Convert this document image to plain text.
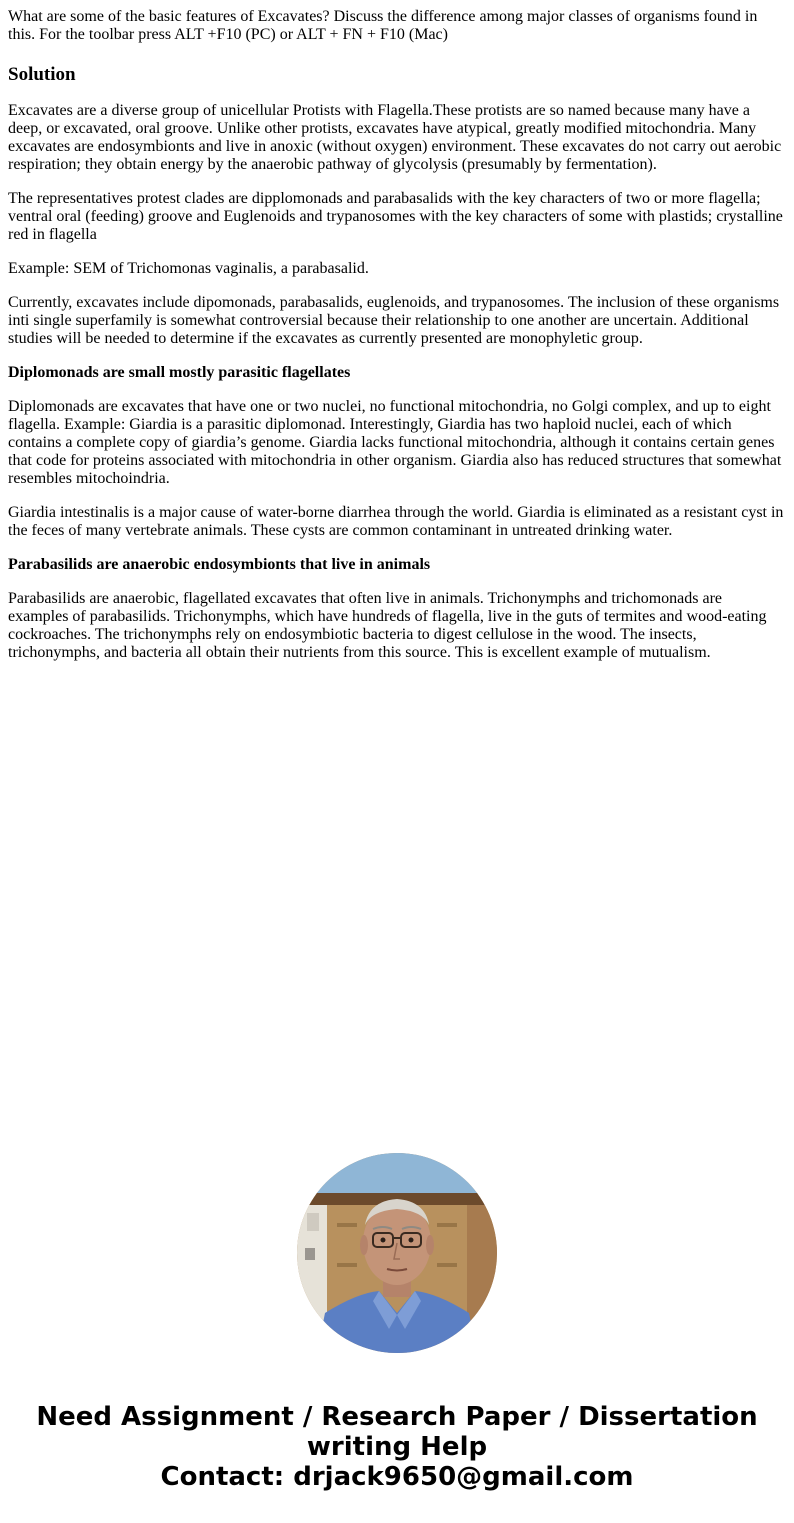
What are some of the basic features of Excavates? Discuss the difference among major classes of organisms found in this. For the toolbar press ALT +F10 (PC) or ALT + FN + F10 (Mac)

Solution

Excavates are a diverse group of unicellular Protists with Flagella.These protists are so named because many have a deep, or excavated, oral groove. Unlike other protists, excavates have atypical, greatly modified mitochondria. Many excavates are endosymbionts and live in anoxic (without oxygen) environment. These excavates do not carry out aerobic respiration; they obtain energy by the anaerobic pathway of glycolysis (presumably by fermentation).

The representatives protest clades are dipplomonads and parabasalids with the key characters of two or more flagella; ventral oral (feeding) groove and Euglenoids and trypanosomes with the key characters of some with plastids; crystalline red in flagella

Example: SEM of Trichomonas vaginalis, a parabasalid.

Currently, excavates include dipomonads, parabasalids, euglenoids, and trypanosomes. The inclusion of these organisms inti single superfamily is somewhat controversial because their relationship to one another are uncertain. Additional studies will be needed to determine if the excavates as currently presented are monophyletic group.

Diplomonads are small mostly parasitic flagellates

Diplomonads are excavates that have one or two nuclei, no functional mitochondria, no Golgi complex, and up to eight flagella. Example: Giardia is a parasitic diplomonad. Interestingly, Giardia has two haploid nuclei, each of which contains a complete copy of giardia’s genome. Giardia lacks functional mitochondria, although it contains certain genes that code for proteins associated with mitochondria in other organism. Giardia also has reduced structures that somewhat resembles mitochoindria.

Giardia intestinalis is a major cause of water-borne diarrhea through the world. Giardia is eliminated as a resistant cyst in the feces of many vertebrate animals. These cysts are common contaminant in untreated drinking water.

Parabasilids are anaerobic endosymbionts that live in animals

Parabasilids are anaerobic, flagellated excavates that often live in animals. Trichonymphs and trichomonads are examples of parabasilids. Trichonymphs, which have hundreds of flagella, live in the guts of termites and wood-eating cockroaches. The trichonymphs rely on endosymbiotic bacteria to digest cellulose in the wood. The insects, trichonymphs, and bacteria all obtain their nutrients from this source. This is excellent example of mutualism.

Need Assignment / Research Paper / Dissertation
writing Help
Contact: drjack9650@gmail.com
